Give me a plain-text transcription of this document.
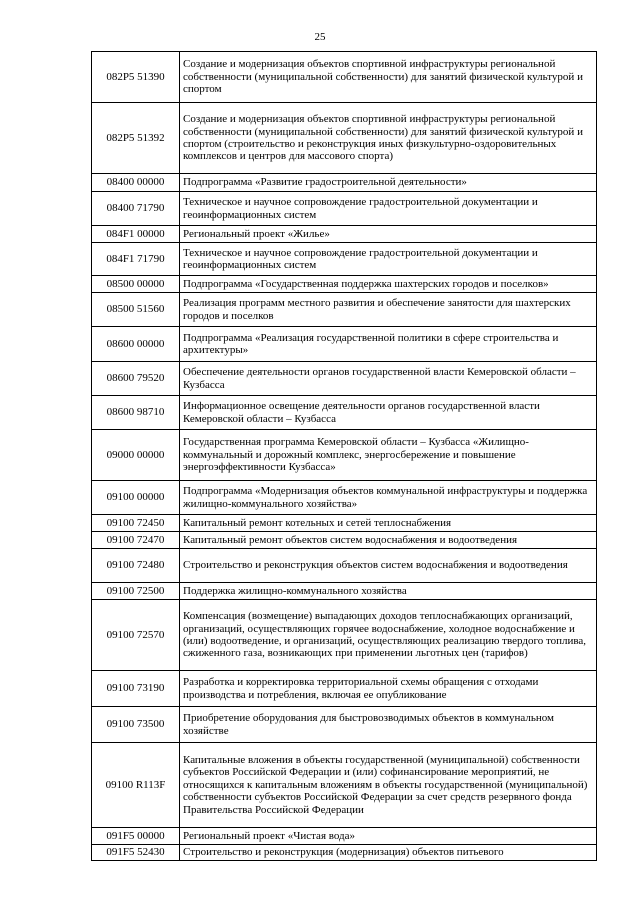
25
082P5 51390	Создание и модернизация объектов спортивной инфраструктуры региональной собственности (муниципальной собственности) для занятий физической культурой и спортом
082P5 51392	Создание и модернизация объектов спортивной инфраструктуры региональной собственности (муниципальной собственности) для занятий физической культурой и спортом (строительство и реконструкция иных физкультурно-оздоровительных комплексов и центров для массового спорта)
08400 00000	Подпрограмма «Развитие градостроительной деятельности»
08400 71790	Техническое и научное сопровождение градостроительной документации и геоинформационных систем
084F1 00000	Региональный проект «Жилье»
084F1 71790	Техническое и научное сопровождение градостроительной документации и геоинформационных систем
08500 00000	Подпрограмма «Государственная поддержка шахтерских городов и поселков»
08500 51560	Реализация программ местного развития и обеспечение занятости для шахтерских городов и поселков
08600 00000	Подпрограмма «Реализация государственной политики в сфере строительства и архитектуры»
08600 79520	Обеспечение деятельности органов государственной власти Кемеровской области – Кузбасса
08600 98710	Информационное освещение деятельности органов государственной власти Кемеровской области – Кузбасса
09000 00000	Государственная программа Кемеровской области – Кузбасса «Жилищно-коммунальный и дорожный комплекс, энергосбережение и повышение энергоэффективности Кузбасса»
09100 00000	Подпрограмма «Модернизация объектов коммунальной инфраструктуры и поддержка жилищно-коммунального хозяйства»
09100 72450	Капитальный ремонт котельных и сетей теплоснабжения
09100 72470	Капитальный ремонт объектов систем водоснабжения и водоотведения
09100 72480	Строительство и реконструкция объектов систем водоснабжения и водоотведения
09100 72500	Поддержка жилищно-коммунального хозяйства
09100 72570	Компенсация (возмещение) выпадающих доходов теплоснабжающих организаций, организаций, осуществляющих горячее водоснабжение, холодное водоснабжение и (или) водоотведение, и организаций, осуществляющих реализацию твердого топлива, сжиженного газа, возникающих при применении льготных цен (тарифов)
09100 73190	Разработка и корректировка территориальной схемы обращения с отходами производства и потребления, включая ее опубликование
09100 73500	Приобретение оборудования для быстровозводимых объектов в коммунальном хозяйстве
09100 R113F	Капитальные вложения в объекты государственной (муниципальной) собственности субъектов Российской Федерации и (или) софинансирование мероприятий, не относящихся к капитальным вложениям в объекты государственной (муниципальной) собственности субъектов Российской Федерации за счет средств резервного фонда Правительства Российской Федерации
091F5 00000	Региональный проект «Чистая вода»
091F5 52430	Строительство и реконструкция (модернизация) объектов питьевого
